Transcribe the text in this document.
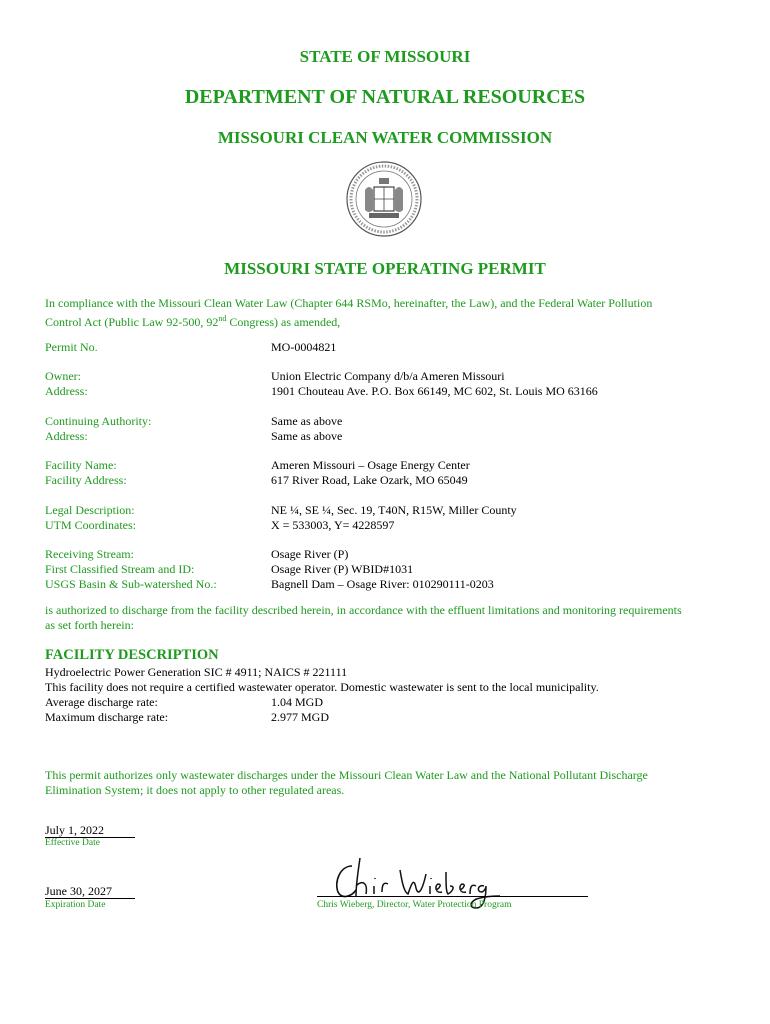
STATE OF MISSOURI
DEPARTMENT OF NATURAL RESOURCES
MISSOURI CLEAN WATER COMMISSION
MISSOURI STATE OPERATING PERMIT
In compliance with the Missouri Clean Water Law (Chapter 644 RSMo, hereinafter, the Law), and the Federal Water Pollution
Control Act (Public Law 92-500, 92nd Congress) as amended,
Permit No.	MO-0004821
Owner:	Union Electric Company d/b/a Ameren Missouri
Address:	1901 Chouteau Ave. P.O. Box 66149, MC 602, St. Louis MO 63166
Continuing Authority:	Same as above
Address:	Same as above
Facility Name:	Ameren Missouri – Osage Energy Center
Facility Address:	617 River Road, Lake Ozark, MO 65049
Legal Description:	NE ¼, SE ¼, Sec. 19, T40N, R15W, Miller County
UTM Coordinates:	X = 533003, Y= 4228597
Receiving Stream:	Osage River (P)
First Classified Stream and ID:	Osage River (P) WBID#1031
USGS Basin & Sub-watershed No.:	Bagnell Dam – Osage River: 010290111-0203
is authorized to discharge from the facility described herein, in accordance with the effluent limitations and monitoring requirements
as set forth herein:
FACILITY DESCRIPTION
Hydroelectric Power Generation SIC # 4911; NAICS # 221111
This facility does not require a certified wastewater operator. Domestic wastewater is sent to the local municipality.
Average discharge rate:	1.04 MGD
Maximum discharge rate:	2.977 MGD
This permit authorizes only wastewater discharges under the Missouri Clean Water Law and the National Pollutant Discharge
Elimination System; it does not apply to other regulated areas.
July 1, 2022
Effective Date
June 30, 2027
Expiration Date	Chris Wieberg, Director, Water Protection Program
